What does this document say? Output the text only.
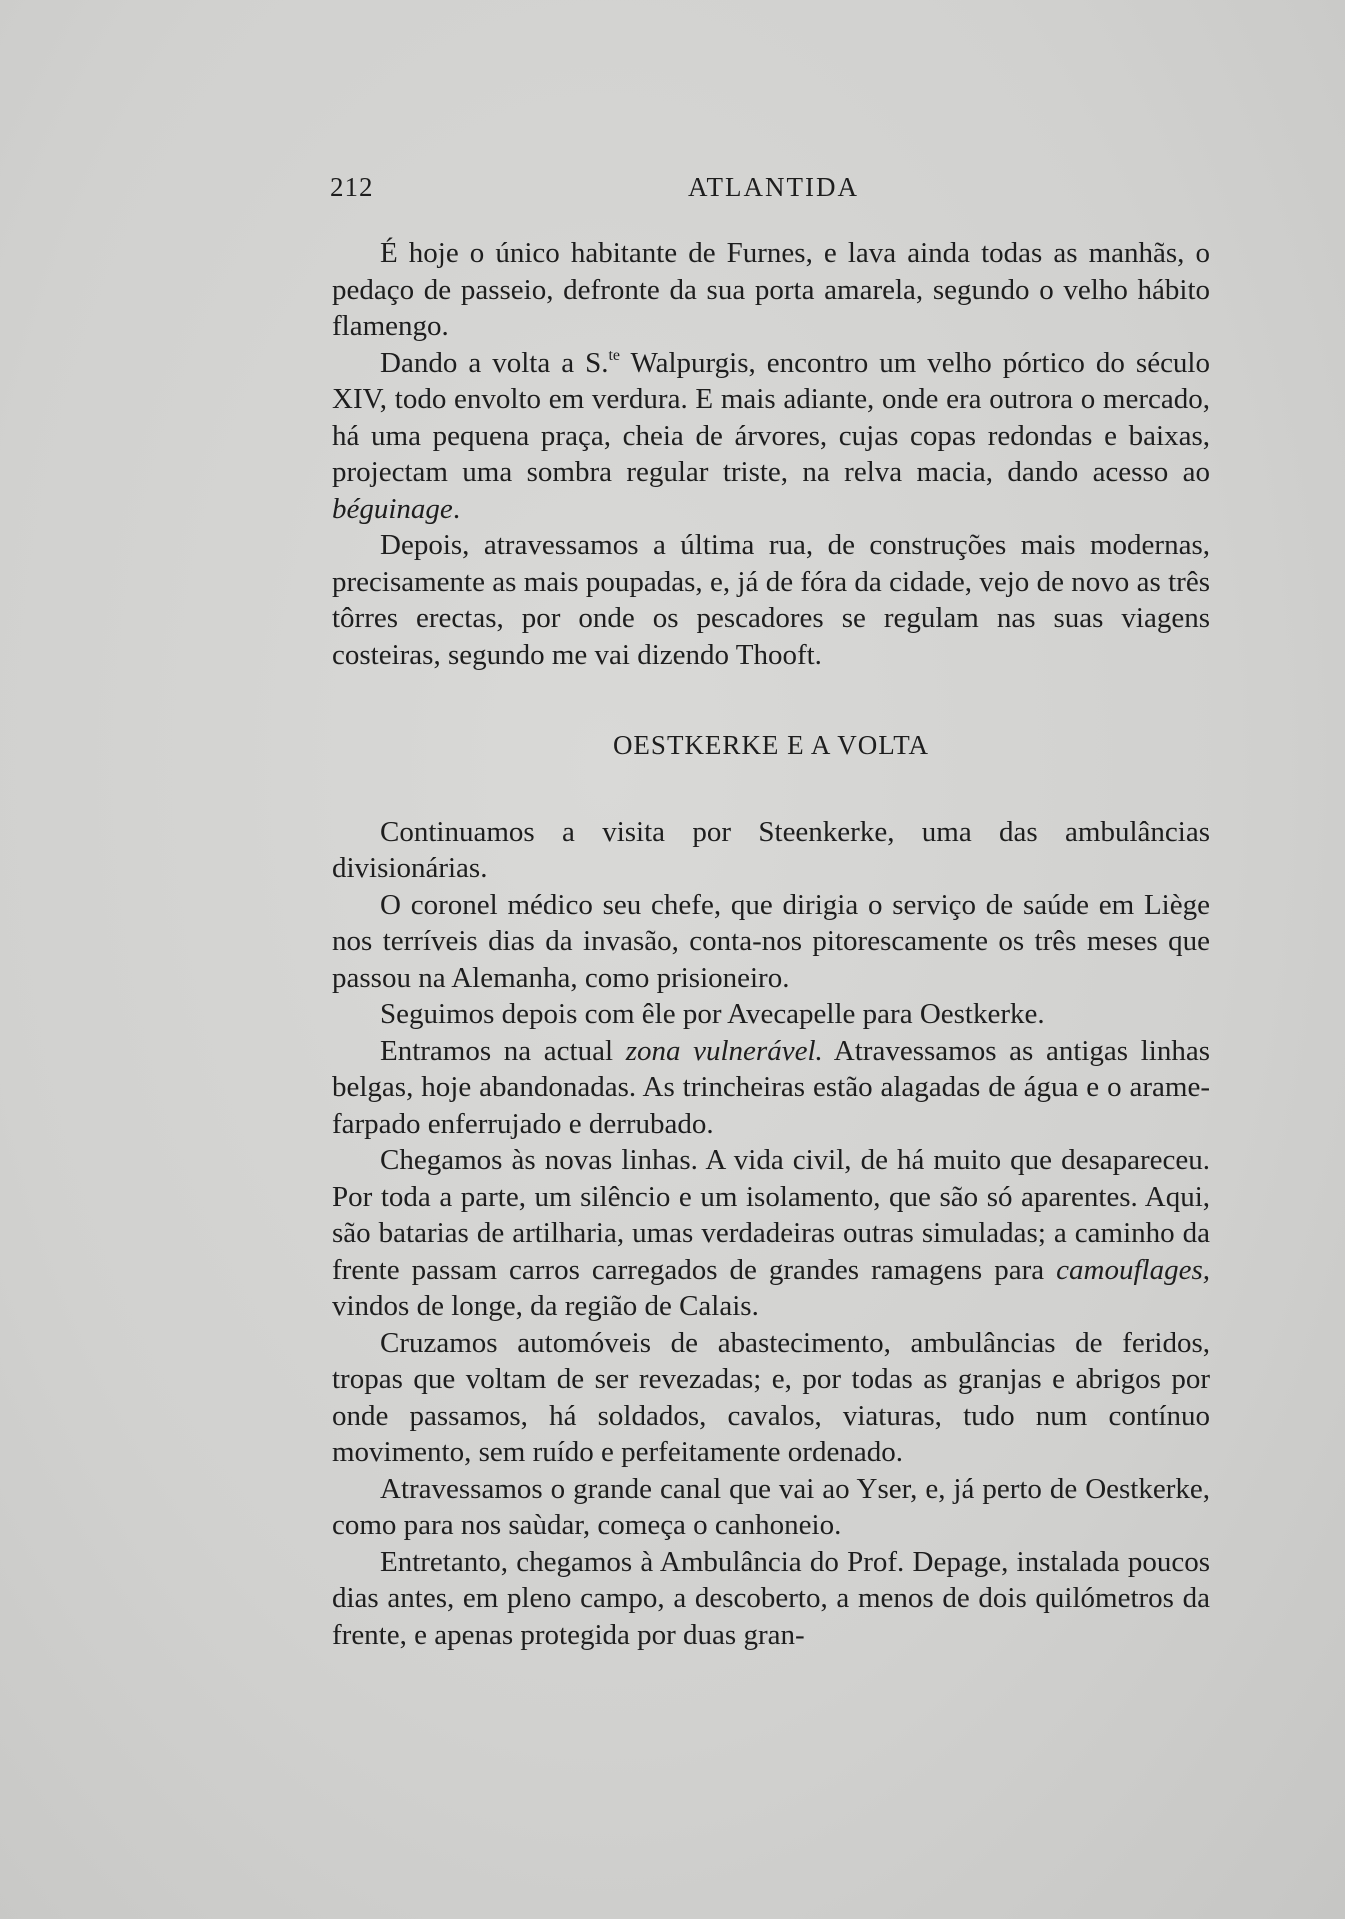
212	ATLANTIDA

É hoje o único habitante de Furnes, e lava ainda todas as manhãs, o pedaço de passeio, defronte da sua porta amarela, segundo o velho hábito flamengo.

Dando a volta a S.$^{te}$ Walpurgis, encontro um velho pórtico do século XIV, todo envolto em verdura. E mais adiante, onde era outrora o mercado, há uma pequena praça, cheia de árvores, cujas copas redondas e baixas, projectam uma sombra regular triste, na relva macia, dando acesso ao béguinage.

Depois, atravessamos a última rua, de construções mais modernas, precisamente as mais poupadas, e, já de fóra da cidade, vejo de novo as três tôrres erectas, por onde os pescadores se regulam nas suas viagens costeiras, segundo me vai dizendo Thooft.

OESTKERKE E A VOLTA

Continuamos a visita por Steenkerke, uma das ambulâncias divisionárias.

O coronel médico seu chefe, que dirigia o serviço de saúde em Liège nos terríveis dias da invasão, conta-nos pitorescamente os três meses que passou na Alemanha, como prisioneiro.

Seguimos depois com êle por Avecapelle para Oestkerke.

Entramos na actual zona vulnerável. Atravessamos as antigas linhas belgas, hoje abandonadas. As trincheiras estão alagadas de água e o arame-farpado enferrujado e derrubado.

Chegamos às novas linhas. A vida civil, de há muito que desapareceu. Por toda a parte, um silêncio e um isolamento, que são só aparentes. Aqui, são batarias de artilharia, umas verdadeiras outras simuladas; a caminho da frente passam carros carregados de grandes ramagens para camouflages, vindos de longe, da região de Calais.

Cruzamos automóveis de abastecimento, ambulâncias de feridos, tropas que voltam de ser revezadas; e, por todas as granjas e abrigos por onde passamos, há soldados, cavalos, viaturas, tudo num contínuo movimento, sem ruído e perfeitamente ordenado.

Atravessamos o grande canal que vai ao Yser, e, já perto de Oestkerke, como para nos saùdar, começa o canhoneio.

Entretanto, chegamos à Ambulância do Prof. Depage, instalada poucos dias antes, em pleno campo, a descoberto, a menos de dois quilómetros da frente, e apenas protegida por duas gran-
